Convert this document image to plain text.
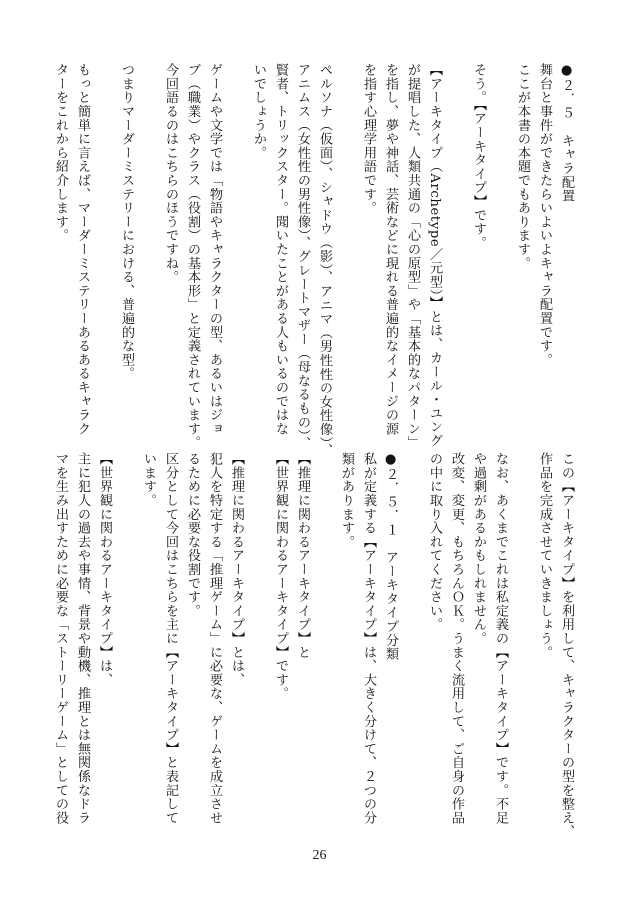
●２．５　キャラ配置
舞台と事件ができたらいよいよキャラ配置です。
ここが本書の本題でもあります。

そう。【アーキタイプ】です。

【アーキタイプ（Archetype／元型）】とは、カール・ユング
が提唱した、人類共通の「心の原型」や「基本的なパターン」
を指し、夢や神話、芸術などに現れる普遍的なイメージの源
を指す心理学用語です。

ペルソナ（仮面）、シャドウ（影）、アニマ（男性性の女性像）、
アニムス（女性性の男性像）、グレートマザー（母なるもの）、
賢者、トリックスター。聞いたことがある人もいるのではな
いでしょうか。

ゲームや文学では「物語やキャラクターの型、あるいはジョ
ブ（職業）やクラス（役割）の基本形」と定義されています。
今回語るのはこちらのほうですね。

つまりマーダーミステリーにおける、普遍的な型。

もっと簡単に言えば、マーダーミステリーあるあるキャラク
ターをこれから紹介します。
この【アーキタイプ】を利用して、キャラクターの型を整え、
作品を完成させていきましょう。

なお、あくまでこれは私定義の【アーキタイプ】です。不足
や過剰があるかもしれません。
改変、変更、もちろんＯＫ。うまく流用して、ご自身の作品
の中に取り入れてください。

●２．５．１　アーキタイプ分類
私が定義する【アーキタイプ】は、大きく分けて、２つの分
類があります。

【推理に関わるアーキタイプ】と
【世界観に関わるアーキタイプ】です。

【推理に関わるアーキタイプ】とは、
犯人を特定する「推理ゲーム」に必要な、ゲームを成立させ
るために必要な役割です。
区分として今回はこちらを主に【アーキタイプ】と表記して
います。

【世界観に関わるアーキタイプ】は、
主に犯人の過去や事情、背景や動機、推理とは無関係なドラ
マを生み出すために必要な「ストーリーゲーム」としての役
26
